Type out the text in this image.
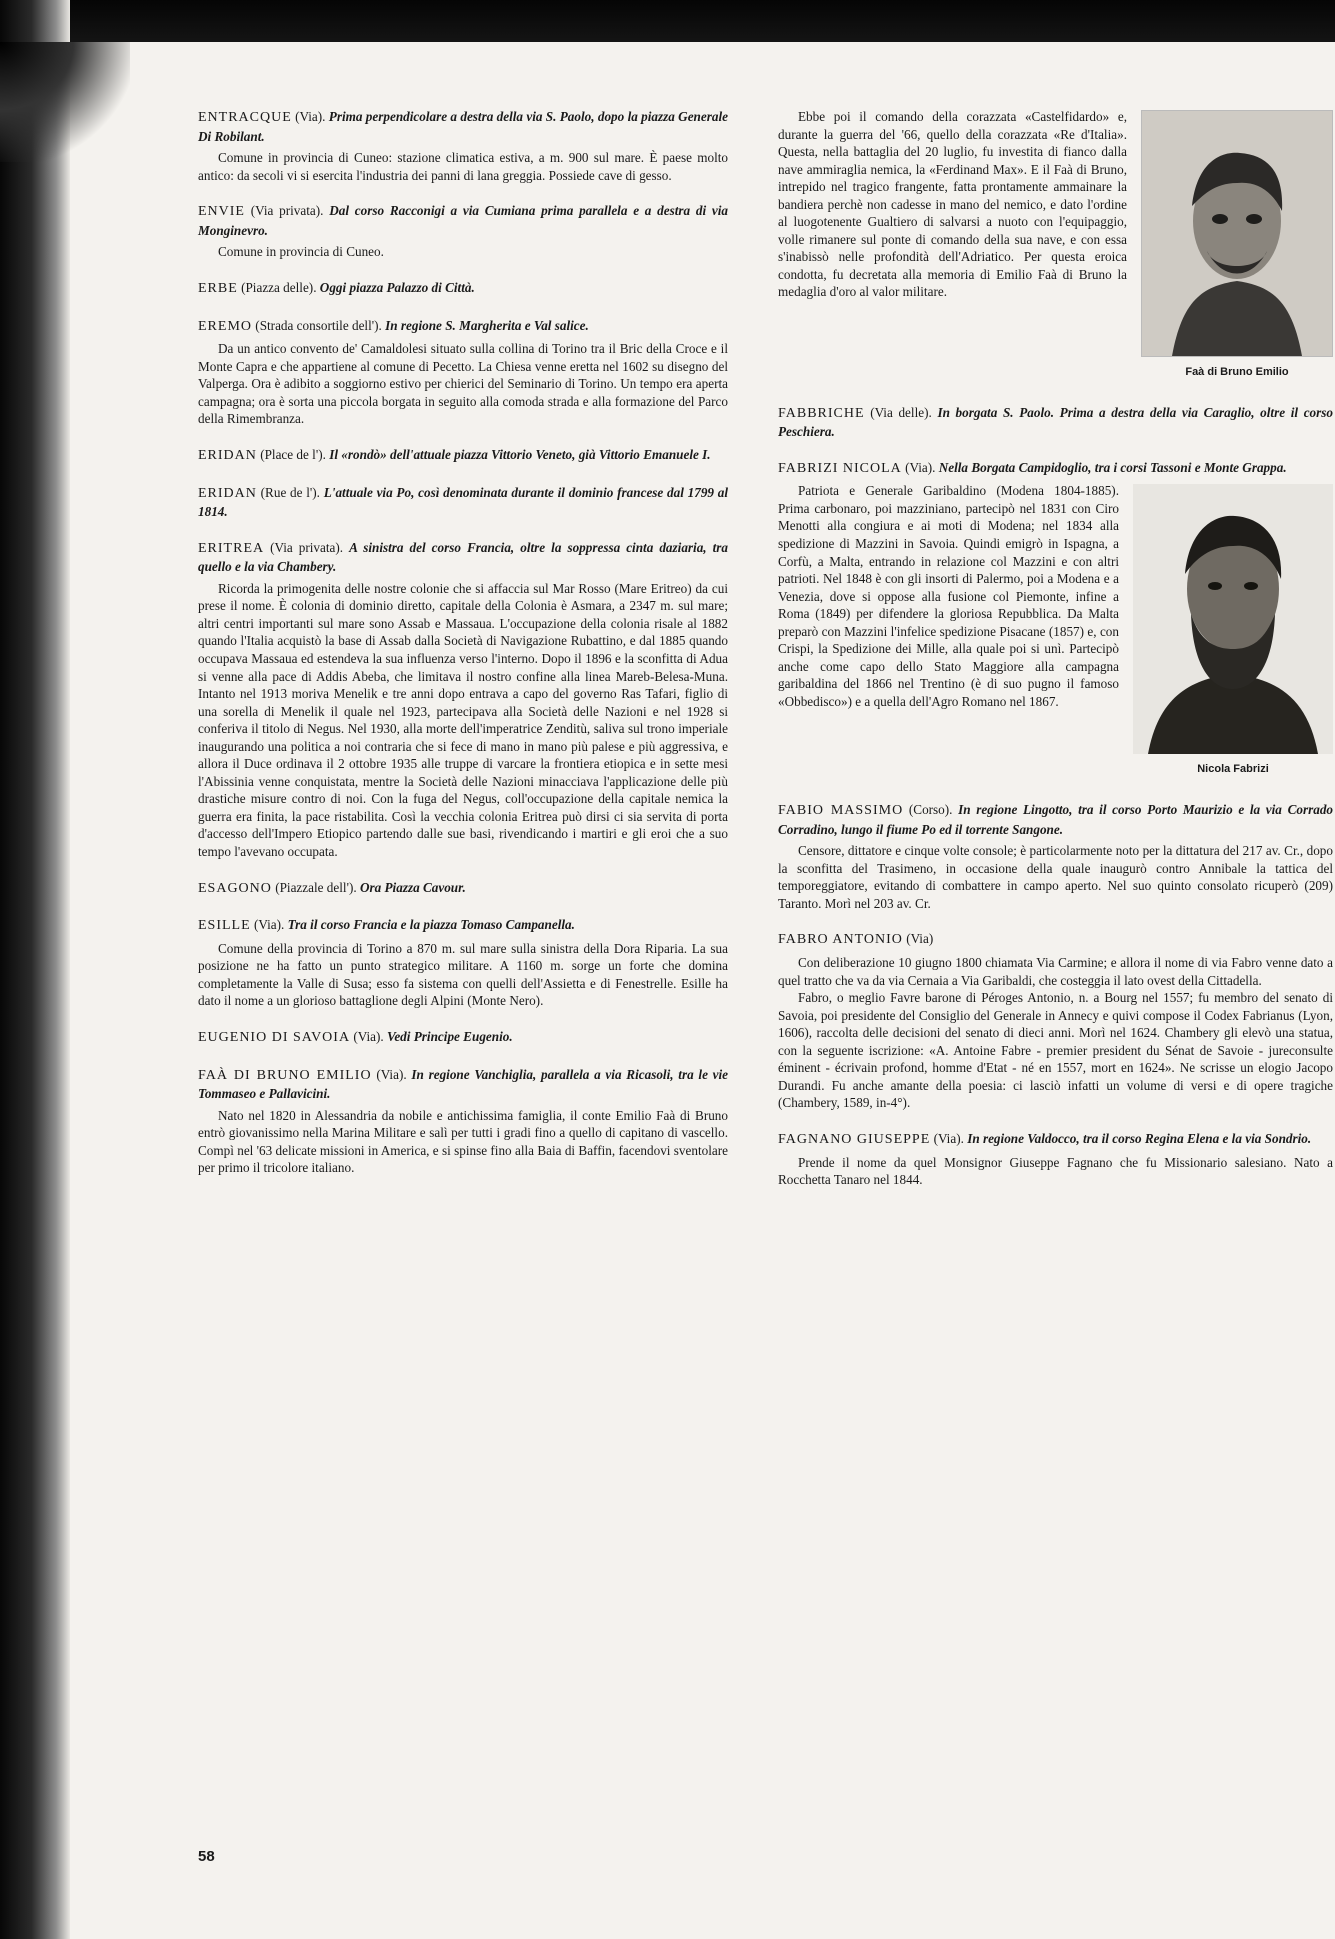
ENTRACQUE (Via). Prima perpendicolare a destra della via S. Paolo, dopo la piazza Generale Di Robilant.

Comune in provincia di Cuneo: stazione climatica estiva, a m. 900 sul mare. È paese molto antico: da secoli vi si esercita l'industria dei panni di lana greggia. Possiede cave di gesso.

ENVIE (Via privata). Dal corso Racconigi a via Cumiana prima parallela e a destra di via Monginevro.

Comune in provincia di Cuneo.

ERBE (Piazza delle). Oggi piazza Palazzo di Città.
EREMO (Strada consortile dell'). In regione S. Margherita e Val salice.

Da un antico convento de' Camaldolesi situato sulla collina di Torino tra il Bric della Croce e il Monte Capra e che appartiene al comune di Pecetto. La Chiesa venne eretta nel 1602 su disegno del Valperga. Ora è adibito a soggiorno estivo per chierici del Seminario di Torino. Un tempo era aperta campagna; ora è sorta una piccola borgata in seguito alla comoda strada e alla formazione del Parco della Rimembranza.

ERIDAN (Place de l'). Il «rondò» dell'attuale piazza Vittorio Veneto, già Vittorio Emanuele I.
ERIDAN (Rue de l'). L'attuale via Po, così denominata durante il dominio francese dal 1799 al 1814.
ERITREA (Via privata). A sinistra del corso Francia, oltre la soppressa cinta daziaria, tra quello e la via Chambery.

Ricorda la primogenita delle nostre colonie che si affaccia sul Mar Rosso (Mare Eritreo) da cui prese il nome. È colonia di dominio diretto, capitale della Colonia è Asmara, a 2347 m. sul mare; altri centri importanti sul mare sono Assab e Massaua. L'occupazione della colonia risale al 1882 quando l'Italia acquistò la base di Assab dalla Società di Navigazione Rubattino, e dal 1885 quando occupava Massaua ed estendeva la sua influenza verso l'interno. Dopo il 1896 e la sconfitta di Adua si venne alla pace di Addis Abeba, che limitava il nostro confine alla linea Mareb-Belesa-Muna. Intanto nel 1913 moriva Menelik e tre anni dopo entrava a capo del governo Ras Tafari, figlio di una sorella di Menelik il quale nel 1923, partecipava alla Società delle Nazioni e nel 1928 si conferiva il titolo di Negus. Nel 1930, alla morte dell'imperatrice Zenditù, saliva sul trono imperiale inaugurando una politica a noi contraria che si fece di mano in mano più palese e più aggressiva, e allora il Duce ordinava il 2 ottobre 1935 alle truppe di varcare la frontiera etiopica e in sette mesi l'Abissinia venne conquistata, mentre la Società delle Nazioni minacciava l'applicazione delle più drastiche misure contro di noi. Con la fuga del Negus, coll'occupazione della capitale nemica la guerra era finita, la pace ristabilita. Così la vecchia colonia Eritrea può dirsi ci sia servita di porta d'accesso dell'Impero Etiopico partendo dalle sue basi, rivendicando i martiri e gli eroi che a suo tempo l'avevano occupata.

ESAGONO (Piazzale dell'). Ora Piazza Cavour.
ESILLE (Via). Tra il corso Francia e la piazza Tomaso Campanella.

Comune della provincia di Torino a 870 m. sul mare sulla sinistra della Dora Riparia. La sua posizione ne ha fatto un punto strategico militare. A 1160 m. sorge un forte che domina completamente la Valle di Susa; esso fa sistema con quelli dell'Assietta e di Fenestrelle. Esille ha dato il nome a un glorioso battaglione degli Alpini (Monte Nero).

EUGENIO DI SAVOIA (Via). Vedi Principe Eugenio.
FAÀ DI BRUNO EMILIO (Via). In regione Vanchiglia, parallela a via Ricasoli, tra le vie Tommaseo e Pallavicini.

Nato nel 1820 in Alessandria da nobile e antichissima famiglia, il conte Emilio Faà di Bruno entrò giovanissimo nella Marina Militare e salì per tutti i gradi fino a quello di capitano di vascello. Compì nel '63 delicate missioni in America, e si spinse fino alla Baia di Baffin, facendovi sventolare per primo il tricolore italiano.

Faà di Bruno Emilio

Ebbe poi il comando della corazzata «Castelfidardo» e, durante la guerra del '66, quello della corazzata «Re d'Italia». Questa, nella battaglia del 20 luglio, fu investita di fianco dalla nave ammiraglia nemica, la «Ferdinand Max». E il Faà di Bruno, intrepido nel tragico frangente, fatta prontamente ammainare la bandiera perchè non cadesse in mano del nemico, e dato l'ordine al luogotenente Gualtiero di salvarsi a nuoto con l'equipaggio, volle rimanere sul ponte di comando della sua nave, e con essa s'inabissò nelle profondità dell'Adriatico. Per questa eroica condotta, fu decretata alla memoria di Emilio Faà di Bruno la medaglia d'oro al valor militare.

FABBRICHE (Via delle). In borgata S. Paolo. Prima a destra della via Caraglio, oltre il corso Peschiera.
FABRIZI NICOLA (Via). Nella Borgata Campidoglio, tra i corsi Tassoni e Monte Grappa.
Nicola Fabrizi

Patriota e Generale Garibaldino (Modena 1804-1885). Prima carbonaro, poi mazziniano, partecipò nel 1831 con Ciro Menotti alla congiura e ai moti di Modena; nel 1834 alla spedizione di Mazzini in Savoia. Quindi emigrò in Ispagna, a Corfù, a Malta, entrando in relazione col Mazzini e con altri patrioti. Nel 1848 è con gli insorti di Palermo, poi a Modena e a Venezia, dove si oppose alla fusione col Piemonte, infine a Roma (1849) per difendere la gloriosa Repubblica. Da Malta preparò con Mazzini l'infelice spedizione Pisacane (1857) e, con Crispi, la Spedizione dei Mille, alla quale poi si unì. Partecipò anche come capo dello Stato Maggiore alla campagna garibaldina del 1866 nel Trentino (è di suo pugno il famoso «Obbedisco») e a quella dell'Agro Romano nel 1867.

FABIO MASSIMO (Corso). In regione Lingotto, tra il corso Porto Maurizio e la via Corrado Corradino, lungo il fiume Po ed il torrente Sangone.

Censore, dittatore e cinque volte console; è particolarmente noto per la dittatura del 217 av. Cr., dopo la sconfitta del Trasimeno, in occasione della quale inaugurò contro Annibale la tattica del temporeggiatore, evitando di combattere in campo aperto. Nel suo quinto consolato ricuperò (209) Taranto. Morì nel 203 av. Cr.

FABRO ANTONIO (Via)

Con deliberazione 10 giugno 1800 chiamata Via Carmine; e allora il nome di via Fabro venne dato a quel tratto che va da via Cernaia a Via Garibaldi, che costeggia il lato ovest della Cittadella.

Fabro, o meglio Favre barone di Péroges Antonio, n. a Bourg nel 1557; fu membro del senato di Savoia, poi presidente del Consiglio del Generale in Annecy e quivi compose il Codex Fabrianus (Lyon, 1606), raccolta delle decisioni del senato di dieci anni. Morì nel 1624. Chambery gli elevò una statua, con la seguente iscrizione: «A. Antoine Fabre - premier president du Sénat de Savoie - jureconsulte éminent - écrivain profond, homme d'Etat - né en 1557, mort en 1624». Ne scrisse un elogio Jacopo Durandi. Fu anche amante della poesia: ci lasciò infatti un volume di versi e di opere tragiche (Chambery, 1589, in-4°).

FAGNANO GIUSEPPE (Via). In regione Valdocco, tra il corso Regina Elena e la via Sondrio.

Prende il nome da quel Monsignor Giuseppe Fagnano che fu Missionario salesiano. Nato a Rocchetta Tanaro nel 1844.

58
